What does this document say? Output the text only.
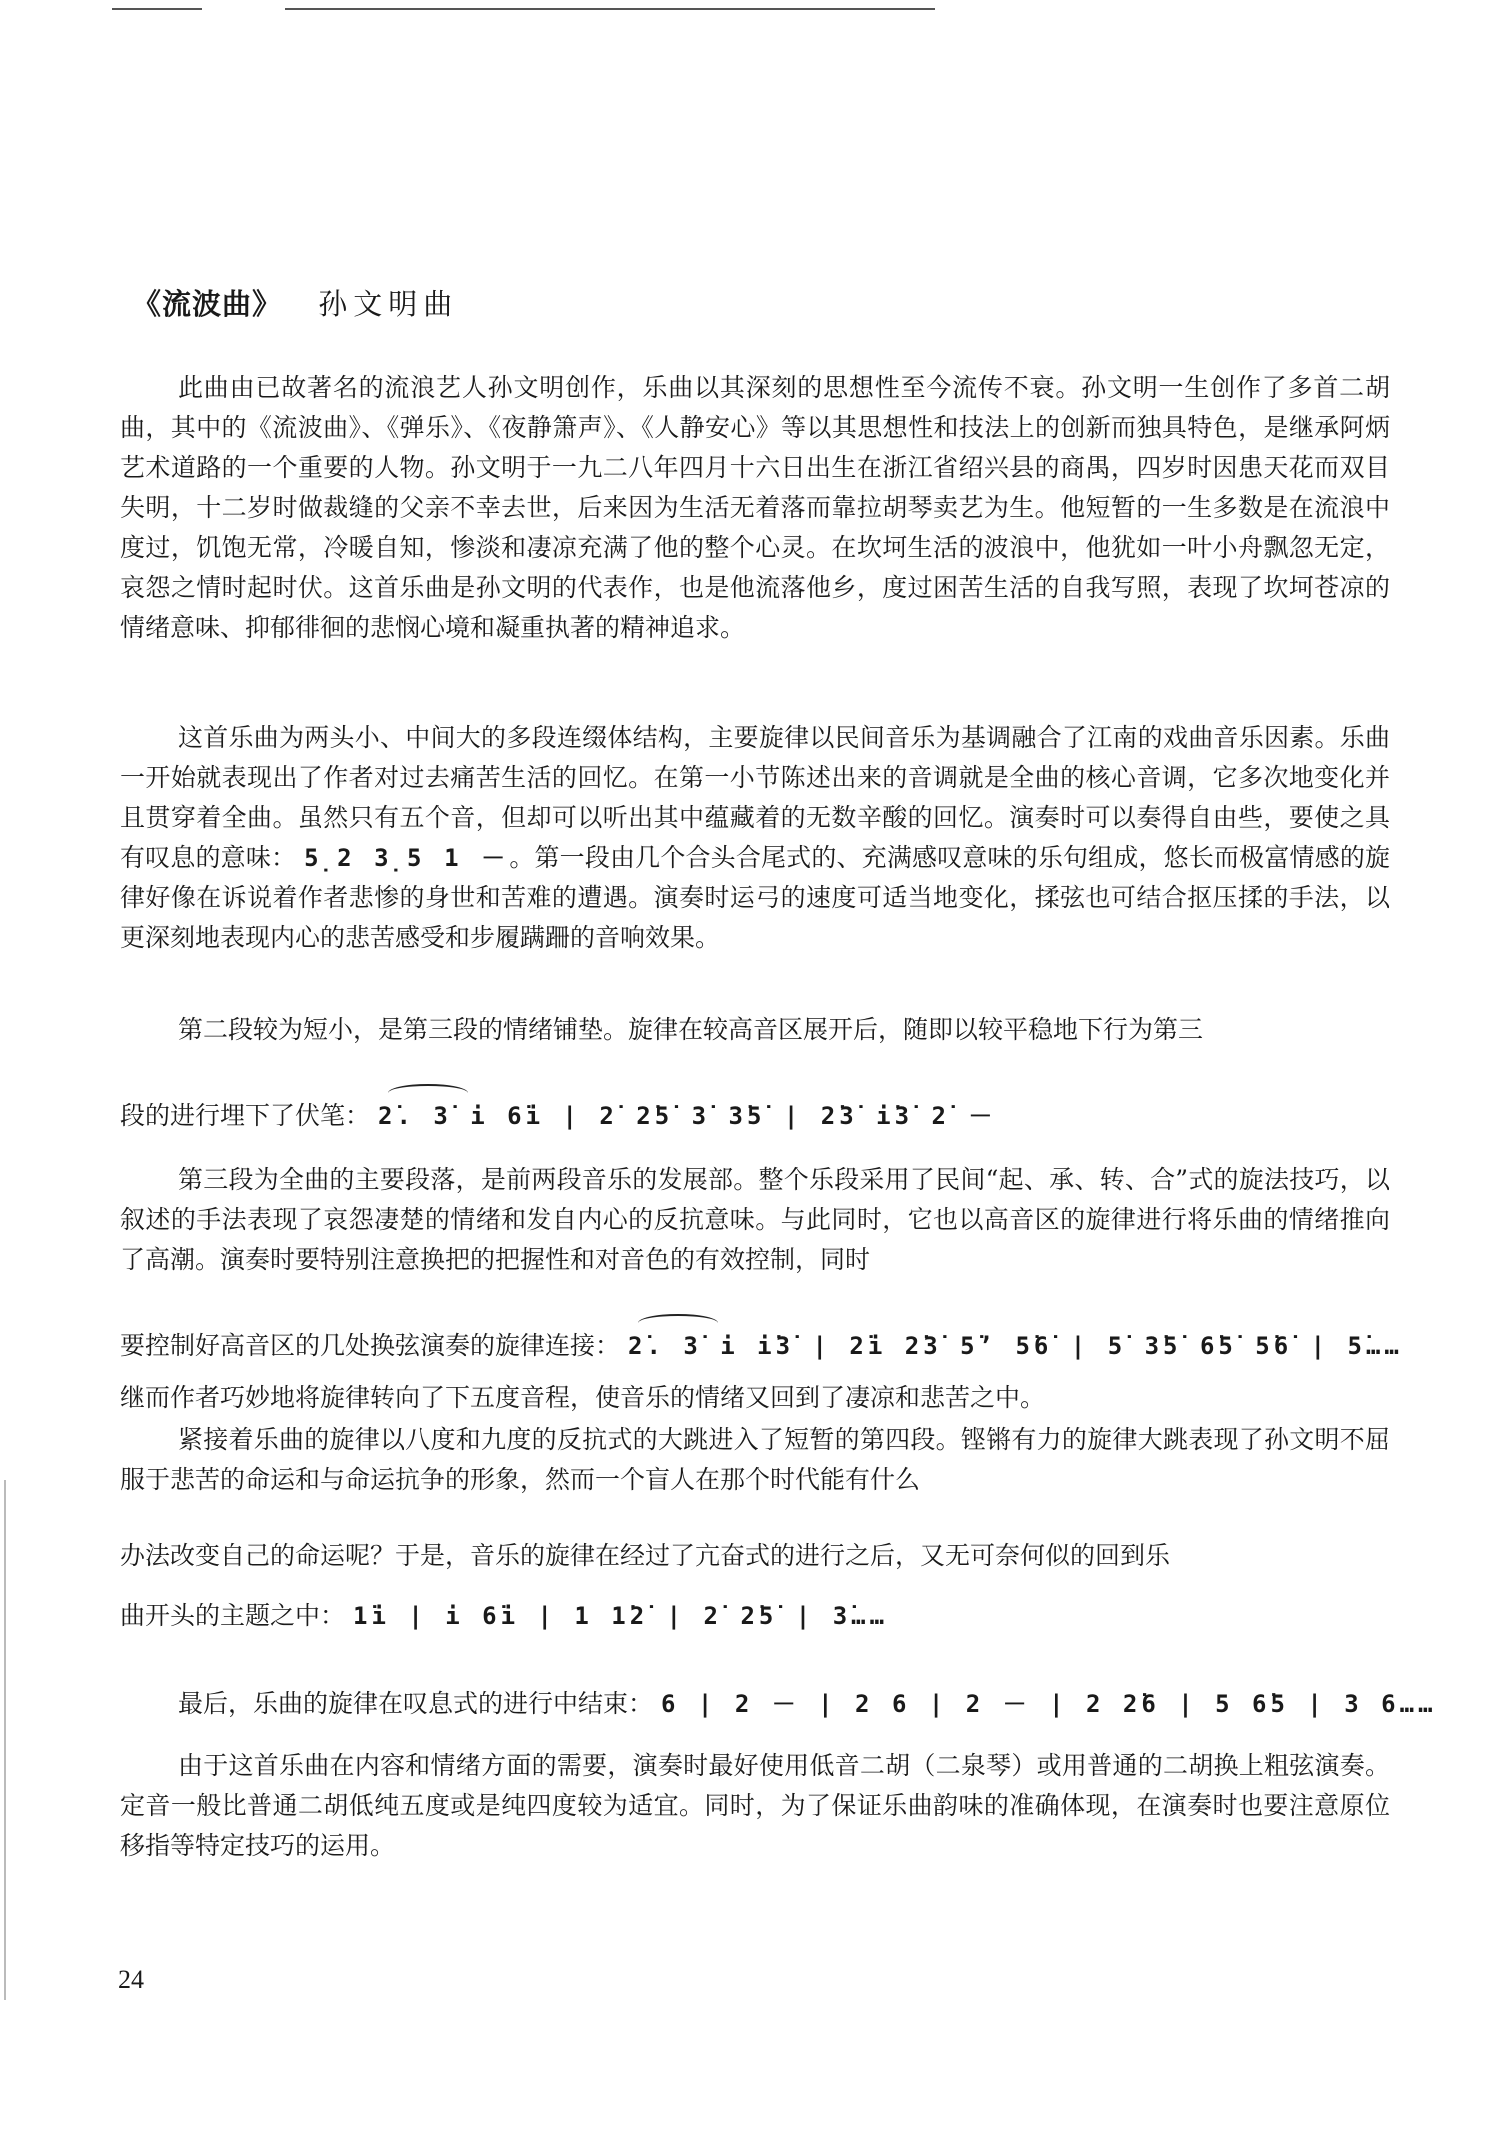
《流波曲》 孙文明曲

此曲由已故著名的流浪艺人孙文明创作，乐曲以其深刻的思想性至今流传不衰。孙文明一生创作了多首二胡曲，其中的《流波曲》、《弹乐》、《夜静箫声》、《人静安心》等以其思想性和技法上的创新而独具特色，是继承阿炳艺术道路的一个重要的人物。孙文明于一九二八年四月十六日出生在浙江省绍兴县的商禺，四岁时因患天花而双目失明，十二岁时做裁缝的父亲不幸去世，后来因为生活无着落而靠拉胡琴卖艺为生。他短暂的一生多数是在流浪中度过，饥饱无常，冷暖自知，惨淡和凄凉充满了他的整个心灵。在坎坷生活的波浪中，他犹如一叶小舟飘忽无定，哀怨之情时起时伏。这首乐曲是孙文明的代表作，也是他流落他乡，度过困苦生活的自我写照，表现了坎坷苍凉的情绪意味、抑郁徘徊的悲悯心境和凝重执著的精神追求。

这首乐曲为两头小、中间大的多段连缀体结构，主要旋律以民间音乐为基调融合了江南的戏曲音乐因素。乐曲一开始就表现出了作者对过去痛苦生活的回忆。在第一小节陈述出来的音调就是全曲的核心音调，它多次地变化并且贯穿着全曲。虽然只有五个音，但却可以听出其中蕴藏着的无数辛酸的回忆。演奏时可以奏得自由些，要使之具有叹息的意味： 5̣2 3̣5 1 －。第一段由几个合头合尾式的、充满感叹意味的乐句组成，悠长而极富情感的旋律好像在诉说着作者悲惨的身世和苦难的遭遇。演奏时运弓的速度可适当地变化，揉弦也可结合抠压揉的手法，以更深刻地表现内心的悲苦感受和步履蹒跚的音响效果。

第二段较为短小，是第三段的情绪铺垫。旋律在较高音区展开后，随即以较平稳地下行为第三

段的进行埋下了伏笔： 2̇. 3̇ i 6̇i | 2̇ 2̇5̇ 3̇ 3̇5̇ | 2̇3̇ i̇3̇ 2̇ －

第三段为全曲的主要段落，是前两段音乐的发展部。整个乐段采用了民间“起、承、转、合”式的旋法技巧，以叙述的手法表现了哀怨凄楚的情绪和发自内心的反抗意味。与此同时，它也以高音区的旋律进行将乐曲的情绪推向了高潮。演奏时要特别注意换把的把握性和对音色的有效控制，同时

要控制好高音区的几处换弦演奏的旋律连接： 2̇. 3̇ i i̇3̇ | 2̇i 2̇3̇ 5̇’ 5̇6̇ | 5̇ 3̇5̇ 6̇5̇ 5̇6̇ | 5̇……
继而作者巧妙地将旋律转向了下五度音程，使音乐的情绪又回到了凄凉和悲苦之中。

紧接着乐曲的旋律以八度和九度的反抗式的大跳进入了短暂的第四段。铿锵有力的旋律大跳表现了孙文明不屈服于悲苦的命运和与命运抗争的形象，然而一个盲人在那个时代能有什么

办法改变自己的命运呢？于是，音乐的旋律在经过了亢奋式的进行之后，又无可奈何似的回到乐
曲开头的主题之中： 1̇i | i 6̇i | 1 1̇2̇ | 2̇ 2̇5̇ | 3̇……
最后，乐曲的旋律在叹息式的进行中结束： 6 | 2 － | 2 6 | 2 － | 2 2̇6 | 5 6̇5 | 3 6……

由于这首乐曲在内容和情绪方面的需要，演奏时最好使用低音二胡（二泉琴）或用普通的二胡换上粗弦演奏。定音一般比普通二胡低纯五度或是纯四度较为适宜。同时，为了保证乐曲韵味的准确体现，在演奏时也要注意原位移指等特定技巧的运用。

24
